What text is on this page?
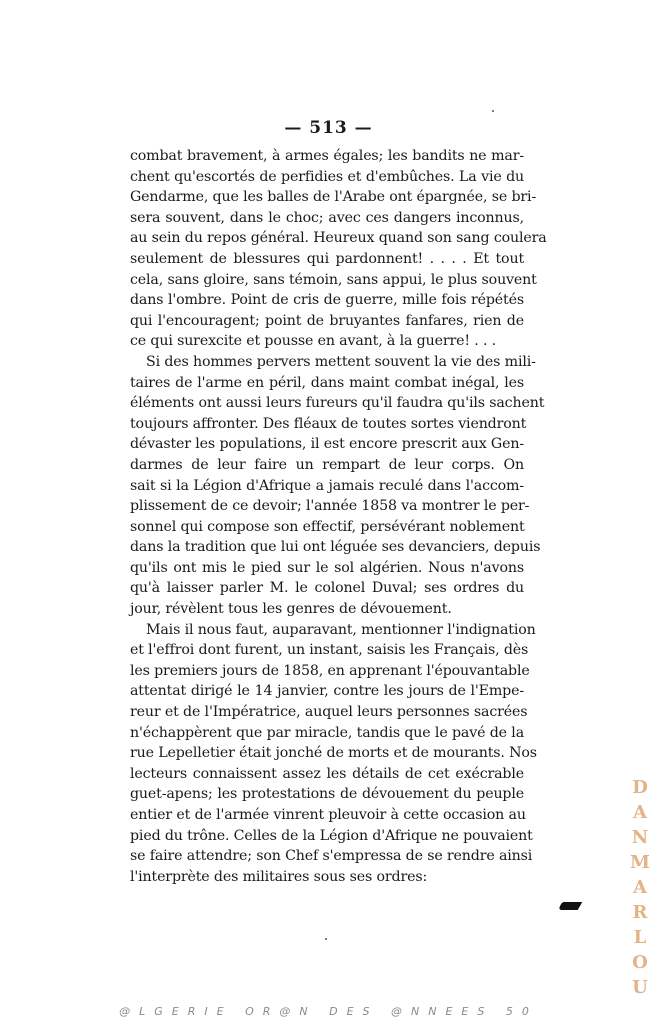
— 513 —
combat bravement, à armes égales; les bandits ne mar-
chent qu'escortés de perfidies et d'embûches. La vie du
Gendarme, que les balles de l'Arabe ont épargnée, se bri-
sera souvent, dans le choc; avec ces dangers inconnus,
au sein du repos général. Heureux quand son sang coulera
seulement de blessures qui pardonnent! . . . . Et tout
cela, sans gloire, sans témoin, sans appui, le plus souvent
dans l'ombre. Point de cris de guerre, mille fois répétés
qui l'encouragent; point de bruyantes fanfares, rien de
ce qui surexcite et pousse en avant, à la guerre! . . .
Si des hommes pervers mettent souvent la vie des mili-
taires de l'arme en péril, dans maint combat inégal, les
éléments ont aussi leurs fureurs qu'il faudra qu'ils sachent
toujours affronter. Des fléaux de toutes sortes viendront
dévaster les populations, il est encore prescrit aux Gen-
darmes de leur faire un rempart de leur corps. On
sait si la Légion d'Afrique a jamais reculé dans l'accom-
plissement de ce devoir; l'année 1858 va montrer le per-
sonnel qui compose son effectif, persévérant noblement
dans la tradition que lui ont léguée ses devanciers, depuis
qu'ils ont mis le pied sur le sol algérien. Nous n'avons
qu'à laisser parler M. le colonel Duval; ses ordres du
jour, révèlent tous les genres de dévouement.
Mais il nous faut, auparavant, mentionner l'indignation
et l'effroi dont furent, un instant, saisis les Français, dès
les premiers jours de 1858, en apprenant l'épouvantable
attentat dirigé le 14 janvier, contre les jours de l'Empe-
reur et de l'Impératrice, auquel leurs personnes sacrées
n'échappèrent que par miracle, tandis que le pavé de la
rue Lepelletier était jonché de morts et de mourants. Nos
lecteurs connaissent assez les détails de cet exécrable
guet-apens; les protestations de dévouement du peuple
entier et de l'armée vinrent pleuvoir à cette occasion au
pied du trône. Celles de la Légion d'Afrique ne pouvaient
se faire attendre; son Chef s'empressa de se rendre ainsi
l'interprète des militaires sous ses ordres:
D
A
N
M
A
R
L
O
U
@LGERIE OR@N DES @NNEES 50
